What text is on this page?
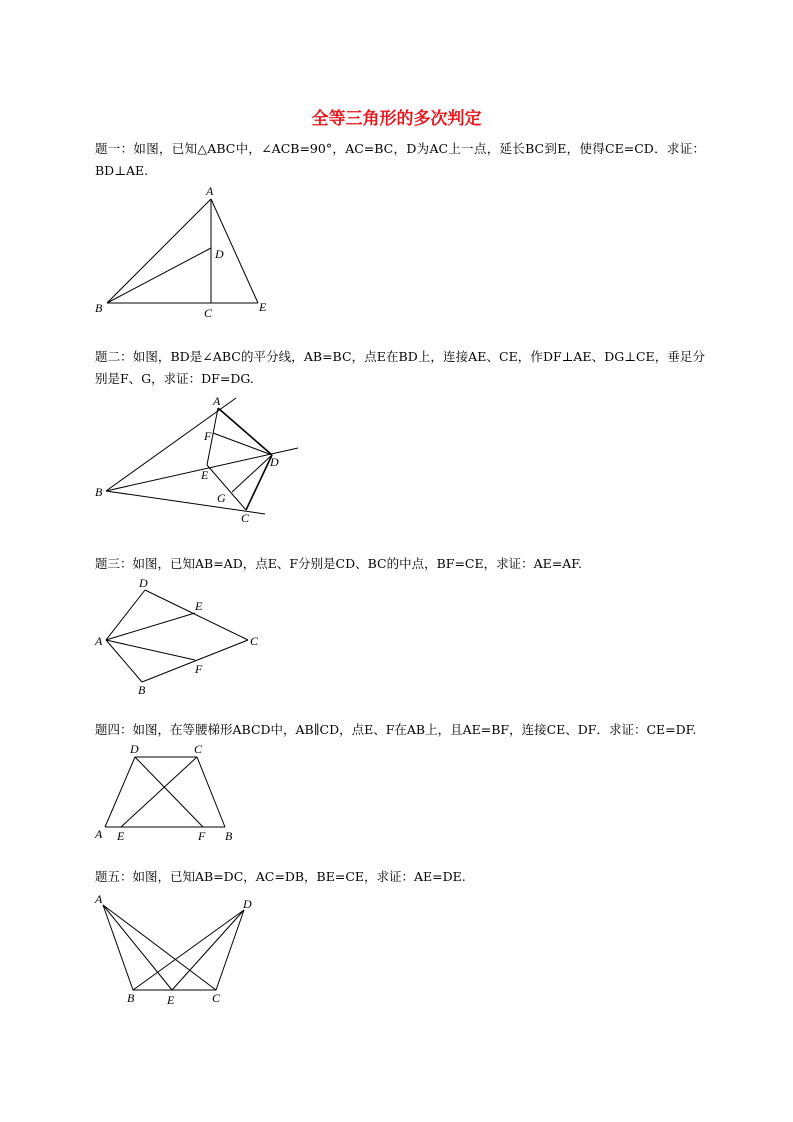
全等三角形的多次判定
题一：如图，已知△ABC中，∠ACB=90°，AC=BC，D为AC上一点，延长BC到E，使得CE=CD．求证：BD⊥AE.
题二：如图，BD是∠ABC的平分线，AB=BC，点E在BD上，连接AE、CE，作DF⊥AE、DG⊥CE，垂足分别是F、G，求证：DF=DG.
题三：如图，已知AB=AD，点E、F分别是CD、BC的中点，BF=CE，求证：AE=AF.
题四：如图，在等腰梯形ABCD中，AB∥CD，点E、F在AB上，且AE=BF，连接CE、DF．求证：CE=DF.
题五：如图，已知AB=DC，AC=DB，BE=CE，求证：AE=DE.
A
D
B	C	E
A
F
D
E
B	G
C
D
E
C
A
F
B
D	C
A E	F B
A	D
B	E	C
